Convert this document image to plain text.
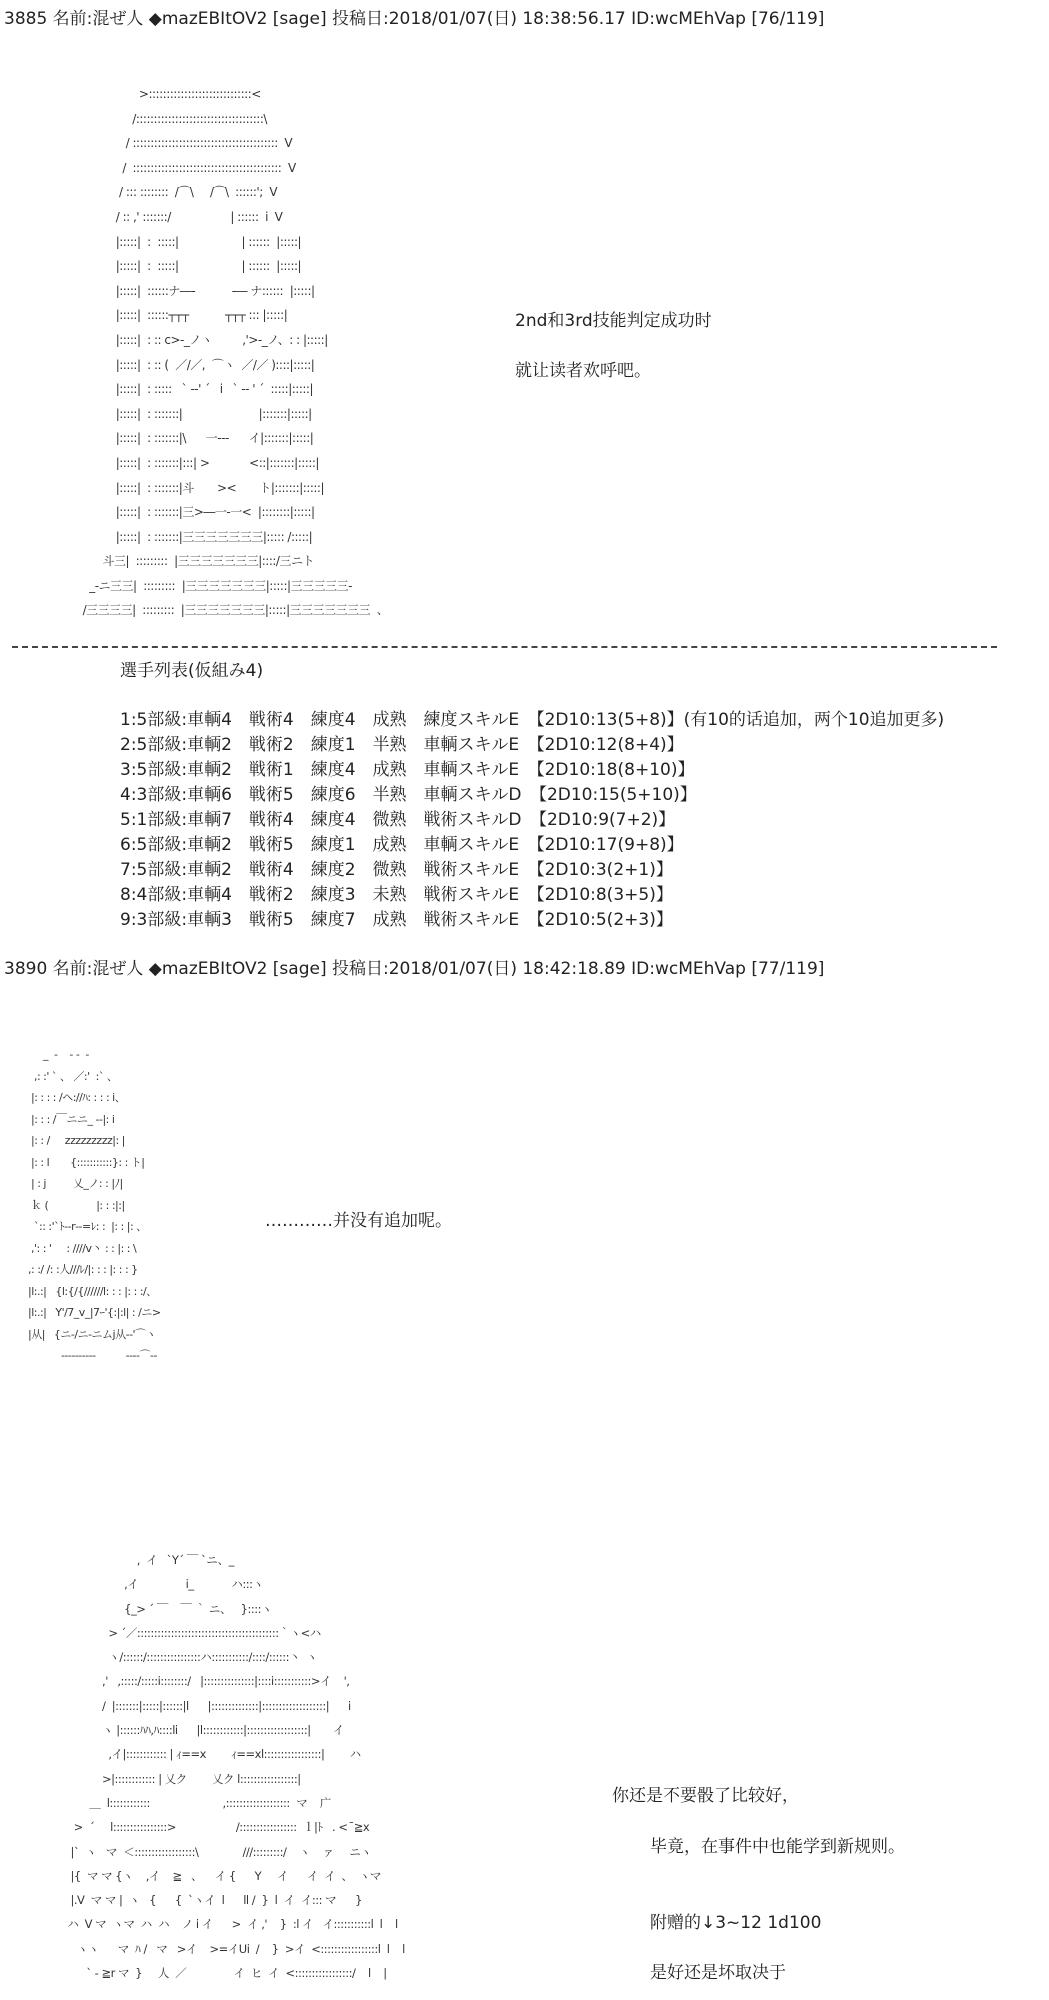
3885 名前:混ぜ人 ◆mazEBItOV2 [sage] 投稿日:2018/01/07(日) 18:38:56.17 ID:wcMEhVap [76/119]
>:::::::::::::::::::::::::::::<
/::::::::::::::::::::::::::::::::::::\
/ :::::::::::::::::::::::::::::::::::::::::  V
/  ::::::::::::::::::::::::::::::::::::::::::  V
/ ::: ::::::::  /⌒\     /⌒\  ::::::';  V
/ :: ,' :::::::/                  | ::::::  i  V
|:::::|  :  :::::|                   | ::::::  |:::::|
|:::::|  :  :::::|                   | ::::::  |:::::|
|:::::|  ::::::ナ―-           -― ナ::::::  |:::::|
|:::::|  ::::::┬┬┬           ┬┬┬ ::: |:::::|
|:::::|  : :: c>‐_ノヽ         ,'>‐_ノ、: : |:::::|
|:::::|  : :: (  ／/／,  ⌒ヽ  ／/／ )::::|:::::|
|:::::|  : :::::   ` -‐' ´   i   ` -‐ ' ´  :::::|:::::|
|:::::|  : :::::::|                       |:::::::|:::::|
|:::::|  : :::::::|\      一‐--      イ|:::::::|:::::|
|:::::|  : :::::::|:::| >            <::|:::::::|:::::|
|:::::|  : :::::::|斗       ><       ト|:::::::|:::::|
|:::::|  : :::::::|三>―一‐一<  |::::::::|:::::|
|:::::|  : :::::::|三三三三三三三|::::: /:::::|
斗三|  :::::::::  |三三三三三三三|::::/三ニト
_‐ニ三三|  :::::::::  |三三三三三三三|:::::|三三三三三‐
/三三三三|  :::::::::  |三三三三三三三|:::::|三三三三三三三  、
2nd和3rd技能判定成功时
就让读者欢呼吧。
選手列表(仮組み4)
1:5部級:車輌4　戦術4　練度4　成熟　練度スキルE　【2D10:13(5+8)】(有10的话追加，两个10追加更多)
2:5部級:車輌2　戦術2　練度1　半熟　車輌スキルE　【2D10:12(8+4)】
3:5部級:車輌2　戦術1　練度4　成熟　車輌スキルE　【2D10:18(8+10)】
4:3部級:車輌6　戦術5　練度6　半熟　車輌スキルD　【2D10:15(5+10)】
5:1部級:車輌7　戦術4　練度4　微熟　戦術スキルD　【2D10:9(7+2)】
6:5部級:車輌2　戦術5　練度1　成熟　車輌スキルE　【2D10:17(9+8)】
7:5部級:車輌2　戦術4　練度2　微熟　戦術スキルE　【2D10:3(2+1)】
8:4部級:車輌4　戦術2　練度3　未熟　戦術スキルE　【2D10:8(3+5)】
9:3部級:車輌3　戦術5　練度7　成熟　戦術スキルE　【2D10:5(2+3)】
3890 名前:混ぜ人 ◆mazEBItOV2 [sage] 投稿日:2018/01/07(日) 18:42:18.89 ID:wcMEhVap [77/119]
_  -    ‐ ‐  -
,: :' ` 、 ／:'  :` 、
|: : : : /ヘ://ﾊ: : : : i、
|: : : /￣ニニ_ ‐‐|: i
|: : /     zzzzzzzzz|: |
|: : l       {:::::::::::}: : ト|
| : j         乂_ノ: : |ﾉ|
ｋ (                |: : :|:|
`:: :'`ﾄ‐‐r‐‐=ﾚ: :  |: : |: 、
,': : '     : ////v丶 : : |: : \
,: :/ /: :人///ﾚ/|: : : |: : : }
|l:.:|   {l:{/{//////l: : : |: : :/、
|l:.:|   Y'/7_v_|7ｰ'{:|:l| : /ニ>
|从|   {ニ‐/ニ‐ニムj从‐-'⌒ヽ
‐‐‐‐‐‐‐‐‐‐          ‐‐‐‐⌒‐‐
…………并没有追加呢。
,  イ   `Y´ ￣ `ニ、_
,イ               i_            ハ:::ヽ
{_> ´ ￣    ￣ ｀ ニ、   }::::ヽ
> ´／::::::::::::::::::::::::::::::::::::::::::｀ヽ<ハ
ヽ/::::::/::::::::::::::::ハ:::::::::::/::::/::::::丶  ヽ
,'   ,:::::/:::::i::::::::/   |:::::::::::::::|::::i:::::::::::>イ    ',
/  |:::::::|:::::|::::::|l      |::::::::::::::|:::::::::::::::::::|      i
ヽ |::::::ﾊﾊ,ﾊ::::li      |l::::::::::::|::::::::::::::::::|       イ
,イ|:::::::::::: | ｨ==x        ｨ==xl:::::::::::::::::|        ハ
>|:::::::::::: | 乂ク        乂ク l:::::::::::::::::|
＿  l::::::::::::                       ,:::::::::::::::::::  マ    广
>  ´     l::::::::::::::::>                   /:::::::::::::::::  ｌ|ﾄ   . <  ̄≧x
|`  ヽ   マ  ＜::::::::::::::::::\              ///:::::::::/    ヽ    ァ     ニヽ
|{  マ マ {ヽ    ,イ    ≧   、    イ {      Y     イ      イ  イ  、  ヽマ
|.V  マ マ |  ヽ   {      {  `ヽイ  l      ll /  }  l  イ  イ::: マ      }
ハ  V マ  ヽマ  ハ  ハ    ノ i イ      >  イ ,'    }  :l イ   イ:::::::::::l  l    l
ヽヽ      マ  ﾊ /   マ   >イ    >=イUi  /    }  >イ  <:::::::::::::::::l  l    l
` ‐ ≧r マ  }     人  ／               イ  ヒ  イ  <:::::::::::::::::/    l    |
你还是不要骰了比较好，
毕竟，在事件中也能学到新规则。
附赠的↓3~12 1d100
是好还是坏取决于
